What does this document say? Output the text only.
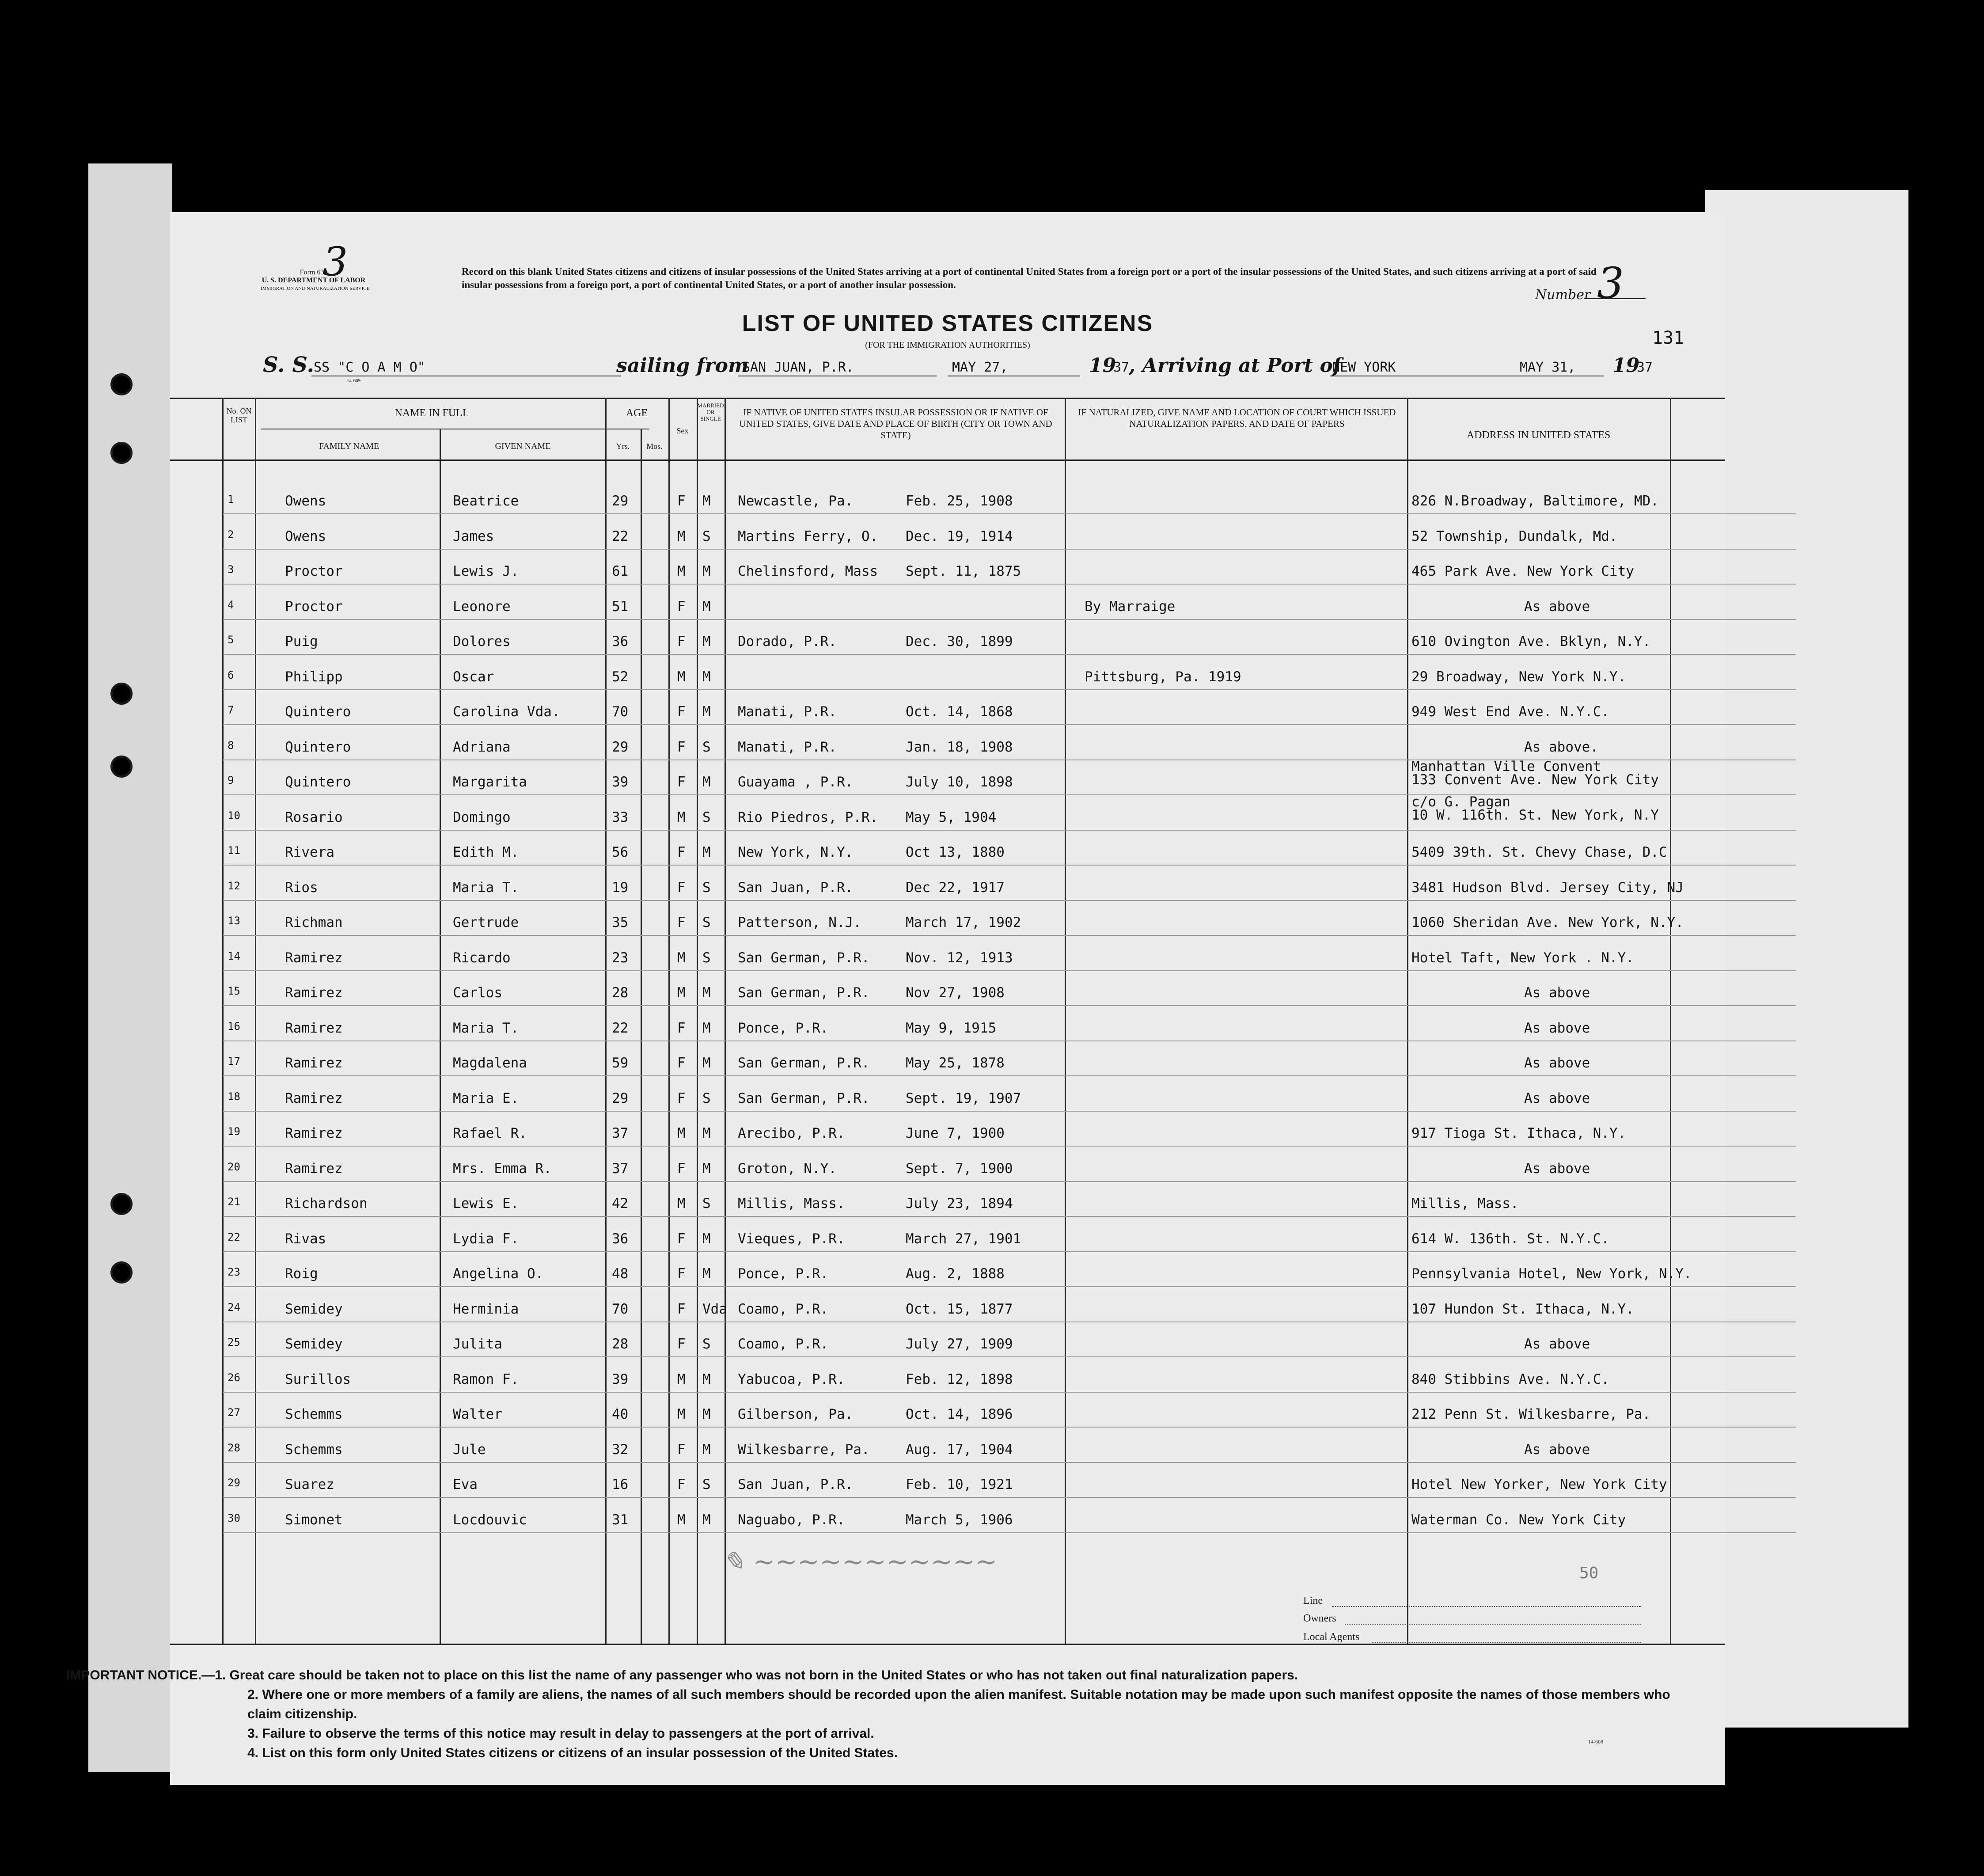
3
Form 630
U. S. DEPARTMENT OF LABOR
IMMIGRATION AND NATURALIZATION SERVICE
Record on this blank United States citizens and citizens of insular possessions of the United States arriving at a port of continental United States from a foreign port or a port of the insular possessions of the United States, and such citizens arriving at a port of said insular possessions from a foreign port, a port of continental United States, or a port of another insular possession.
Number 3
131
LIST OF UNITED STATES CITIZENS
(FOR THE IMMIGRATION AUTHORITIES)
S. S.
SS "C O A M O"
14-609
sailing from
SAN JUAN, P.R.	MAY 27,	19
37
, Arriving at Port of
NEW YORK	MAY 31, 19
37
No. ON LIST
NAME IN FULL
FAMILY NAME	GIVEN NAME
AGE
Yrs.	Mos.
Sex
MARRIED OR SINGLE
IF NATIVE OF UNITED STATES INSULAR POSSESSION OR IF NATIVE OF UNITED STATES, GIVE DATE AND PLACE OF BIRTH (CITY OR TOWN AND STATE)
IF NATURALIZED, GIVE NAME AND LOCATION OF COURT WHICH ISSUED NATURALIZATION PAPERS, AND DATE OF PAPERS
ADDRESS IN UNITED STATES
1	Owens	Beatrice	29	F M Newcastle, Pa.	Feb. 25, 1908	826 N.Broadway, Baltimore, MD.
2	Owens	James	22	M S Martins Ferry, O. Dec. 19, 1914	52 Township, Dundalk, Md.
3	Proctor	Lewis J.	61	M M Chelinsford, Mass Sept. 11, 1875	465 Park Ave. New York City
4	Proctor	Leonore	51	F M	By Marraige	As above
5	Puig	Dolores	36	F M Dorado, P.R.	Dec. 30, 1899	610 Ovington Ave. Bklyn, N.Y.
6	Philipp	Oscar	52	M M	Pittsburg, Pa. 1919	29 Broadway, New York N.Y.
7	Quintero	Carolina Vda.	70	F M Manati, P.R.	Oct. 14, 1868	949 West End Ave. N.Y.C.
8	Quintero	Adriana	29	F S Manati, P.R.	Jan. 18, 1908	As above.
9	Quintero	Margarita	39	F M Guayama , P.R.	July 10, 1898
Manhattan Ville Convent
133 Convent Ave. New York City
10	Rosario	Domingo	33	M S Rio Piedros, P.R. May 5, 1904
c/o G. Pagan
10 W. 116th. St. New York, N.Y
11	Rivera	Edith M.	56	F M New York, N.Y.	Oct 13, 1880	5409 39th. St. Chevy Chase, D.C
12	Rios	Maria T.	19	F S San Juan, P.R.	Dec 22, 1917	3481 Hudson Blvd. Jersey City, NJ
13	Richman	Gertrude	35	F S Patterson, N.J.	March 17, 1902	1060 Sheridan Ave. New York, N.Y.
14	Ramirez	Ricardo	23	M S San German, P.R.	Nov. 12, 1913	Hotel Taft, New York . N.Y.
15	Ramirez	Carlos	28	M M San German, P.R.	Nov 27, 1908	As above
16	Ramirez	Maria T.	22	F M Ponce, P.R.	May 9, 1915	As above
17	Ramirez	Magdalena	59	F M San German, P.R.	May 25, 1878	As above
18	Ramirez	Maria E.	29	F S San German, P.R.	Sept. 19, 1907	As above
19	Ramirez	Rafael R.	37	M M Arecibo, P.R.	June 7, 1900	917 Tioga St. Ithaca, N.Y.
20	Ramirez	Mrs. Emma R.	37	F M Groton, N.Y.	Sept. 7, 1900	As above
21	Richardson	Lewis E.	42	M S Millis, Mass.	July 23, 1894	Millis, Mass.
22	Rivas	Lydia F.	36	F M Vieques, P.R.	March 27, 1901	614 W. 136th. St. N.Y.C.
23	Roig	Angelina O.	48	F M Ponce, P.R.	Aug. 2, 1888	Pennsylvania Hotel, New York, N.Y.
24	Semidey	Herminia	70	F Vda Coamo, P.R.	Oct. 15, 1877	107 Hundon St. Ithaca, N.Y.
25	Semidey	Julita	28	F S Coamo, P.R.	July 27, 1909	As above
26	Surillos	Ramon F.	39	M M Yabucoa, P.R.	Feb. 12, 1898	840 Stibbins Ave. N.Y.C.
27	Schemms	Walter	40	M M Gilberson, Pa.	Oct. 14, 1896	212 Penn St. Wilkesbarre, Pa.
28	Schemms	Jule	32	F M Wilkesbarre, Pa.	Aug. 17, 1904	As above
29	Suarez	Eva	16	F S San Juan, P.R.	Feb. 10, 1921	Hotel New Yorker, New York City
30	Simonet	Locdouvic	31	M M Naguabo, P.R.	March 5, 1906	Waterman Co. New York City
✎ ∼∼∼∼∼∼∼∼∼∼∼	50
Line
Owners
Local Agents
14-608
IMPORTANT NOTICE.—1. Great care should be taken not to place on this list the name of any passenger who was not born in the United States or who has not taken out final naturalization papers.
2. Where one or more members of a family are aliens, the names of all such members should be recorded upon the alien manifest. Suitable notation may be made upon such manifest opposite the names of those members who claim citizenship.
3. Failure to observe the terms of this notice may result in delay to passengers at the port of arrival.
4. List on this form only United States citizens or citizens of an insular possession of the United States.
